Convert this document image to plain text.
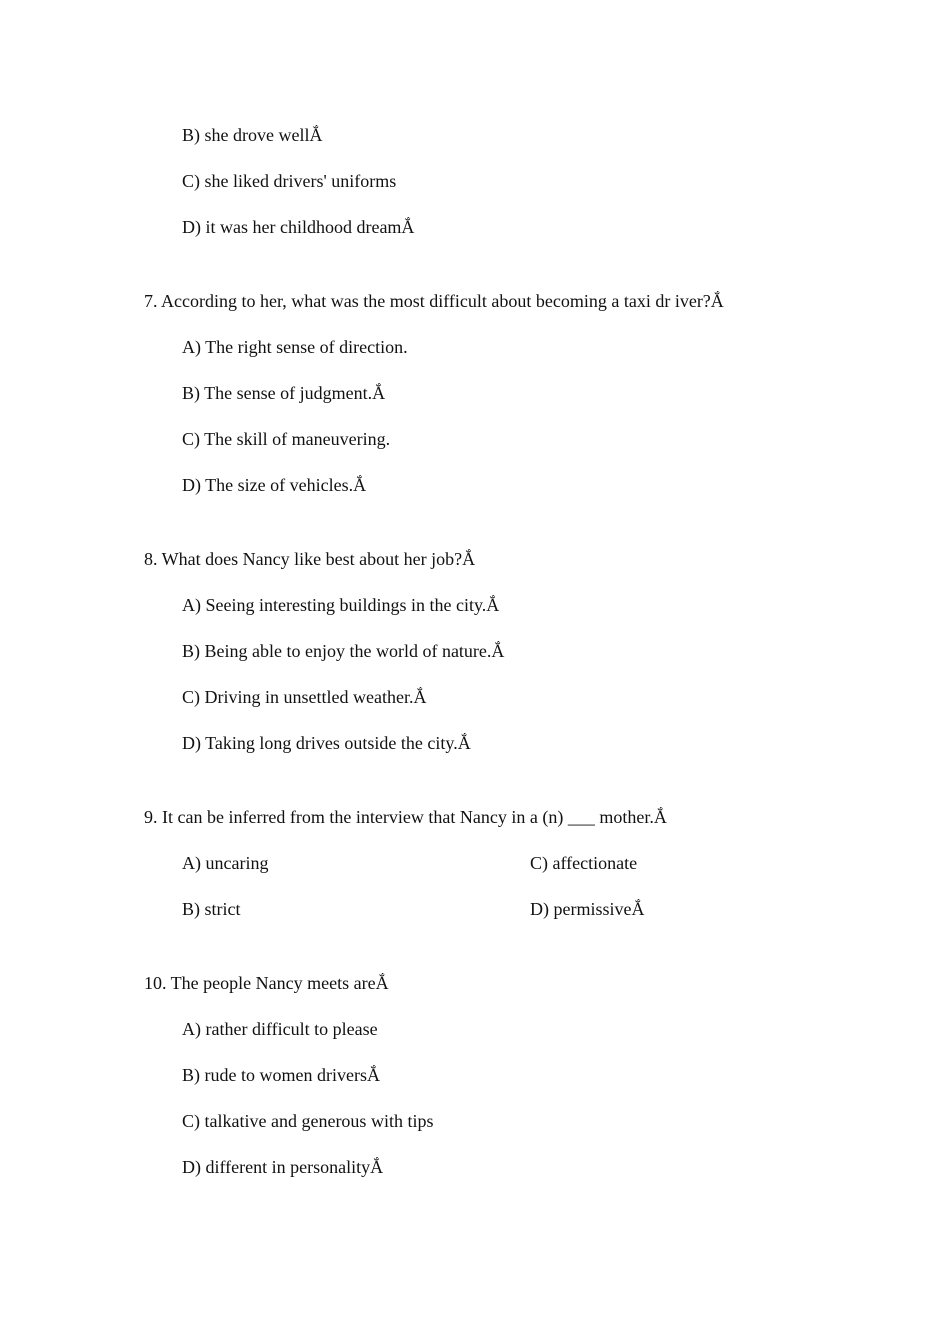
B) she drove wellẮ
C) she liked drivers' uniforms
D) it was her childhood dreamẮ
7. According to her, what was the most difficult about becoming a taxi dr iver?Ắ
A) The right sense of direction.
B) The sense of judgment.Ắ
C) The skill of maneuvering.
D) The size of vehicles.Ắ
8. What does Nancy like best about her job?Ắ
A) Seeing interesting buildings in the city.Ắ
B) Being able to enjoy the world of nature.Ắ
C) Driving in unsettled weather.Ắ
D) Taking long drives outside the city.Ắ
9. It can be inferred from the interview that Nancy in a (n) ___ mother.Ắ
A) uncaring	C) affectionate
B) strict	D) permissiveẮ
10. The people Nancy meets areẮ
A) rather difficult to please
B) rude to women driversẮ
C) talkative and generous with tips
D) different in personalityẮ
